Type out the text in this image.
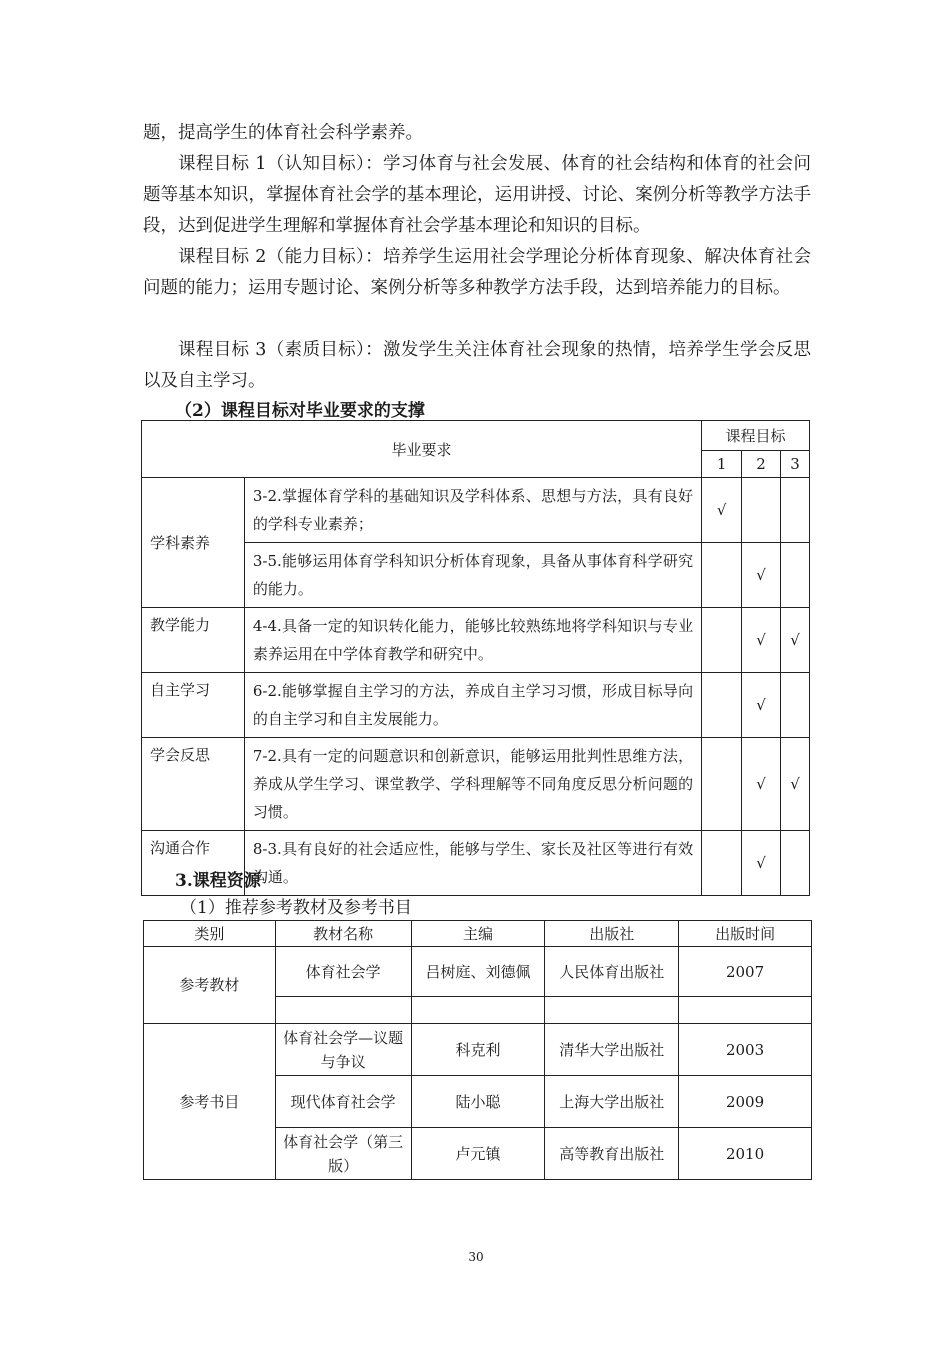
题，提高学生的体育社会科学素养。

课程目标 1（认知目标）：学习体育与社会发展、体育的社会结构和体育的社会问题等基本知识，掌握体育社会学的基本理论，运用讲授、讨论、案例分析等教学方法手段，达到促进学生理解和掌握体育社会学基本理论和知识的目标。

课程目标 2（能力目标）：培养学生运用社会学理论分析体育现象、解决体育社会问题的能力；运用专题讨论、案例分析等多种教学方法手段，达到培养能力的目标。

课程目标 3（素质目标）：激发学生关注体育社会现象的热情，培养学生学会反思以及自主学习。

（2）课程目标对毕业要求的支撑

毕业要求		课程目标		
		1	2	3
学科素养	3-2.掌握体育学科的基础知识及学科体系、思想与方法，具有良好的学科专业素养；	√		
	3-5.能够运用体育学科知识分析体育现象，具备从事体育科学研究的能力。		√	
教学能力	4-4.具备一定的知识转化能力，能够比较熟练地将学科知识与专业素养运用在中学体育教学和研究中。		√	√
自主学习	6-2.能够掌握自主学习的方法，养成自主学习习惯，形成目标导向的自主学习和自主发展能力。		√	
学会反思	7-2.具有一定的问题意识和创新意识，能够运用批判性思维方法，养成从学生学习、课堂教学、学科理解等不同角度反思分析问题的习惯。		√	√
沟通合作	8-3.具有良好的社会适应性，能够与学生、家长及社区等进行有效沟通。		√	

3.课程资源

（1）推荐参考教材及参考书目

类别	教材名称	主编	出版社	出版时间
参考教材	体育社会学	吕树庭、刘德佩	人民体育出版社	2007

参考书目	体育社会学—议题与争议	科克利	清华大学出版社	2003
	现代体育社会学	陆小聪	上海大学出版社	2009
	体育社会学（第三版）	卢元镇	高等教育出版社	2010
30
